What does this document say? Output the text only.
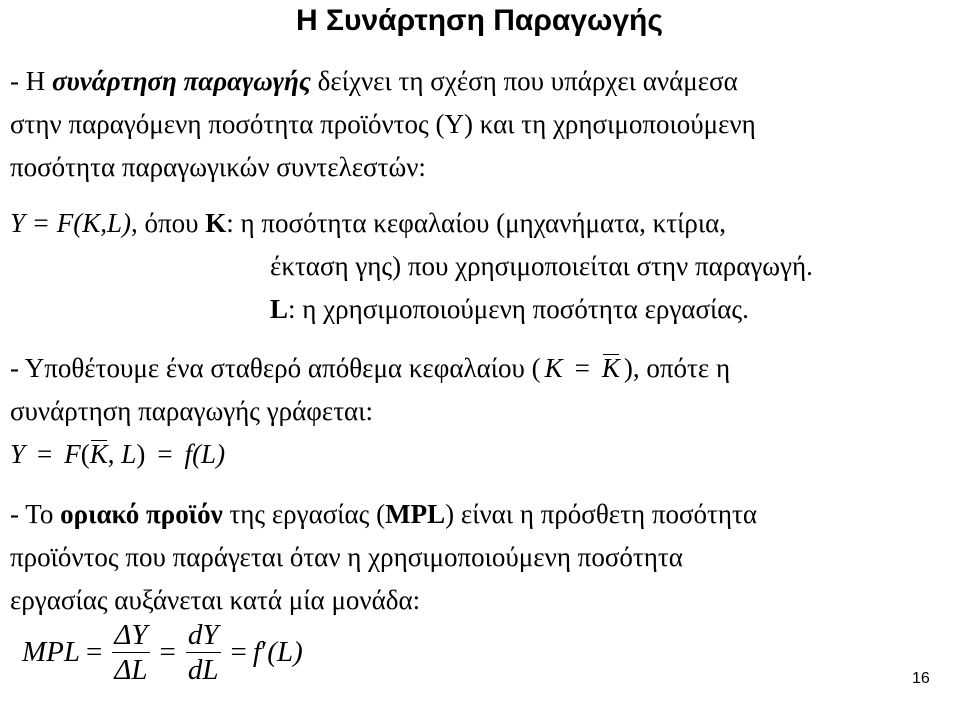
Η Συνάρτηση Παραγωγής
- Η συνάρτηση παραγωγής δείχνει τη σχέση που υπάρχει ανάμεσα
στην παραγόμενη ποσότητα προϊόντος (Υ) και τη χρησιμοποιούμενη
ποσότητα παραγωγικών συντελεστών:
Y = F(K,L), όπου Κ: η ποσότητα κεφαλαίου (μηχανήματα, κτίρια,
έκταση γης) που χρησιμοποιείται στην παραγωγή.
L: η χρησιμοποιούμενη ποσότητα εργασίας.
- Υποθέτουμε ένα σταθερό απόθεμα κεφαλαίου ( K = K ), οπότε η
συνάρτηση παραγωγής γράφεται:
Y = F(K, L) = f(L)
- Το οριακό προϊόν της εργασίας (MPL) είναι η πρόσθετη ποσότητα
προϊόντος που παράγεται όταν η χρησιμοποιούμενη ποσότητα
εργασίας αυξάνεται κατά μία μονάδα:
MPL = $\frac{\Delta Y}{\Delta L} = \frac{dY}{dL} = f'(L)$
16
